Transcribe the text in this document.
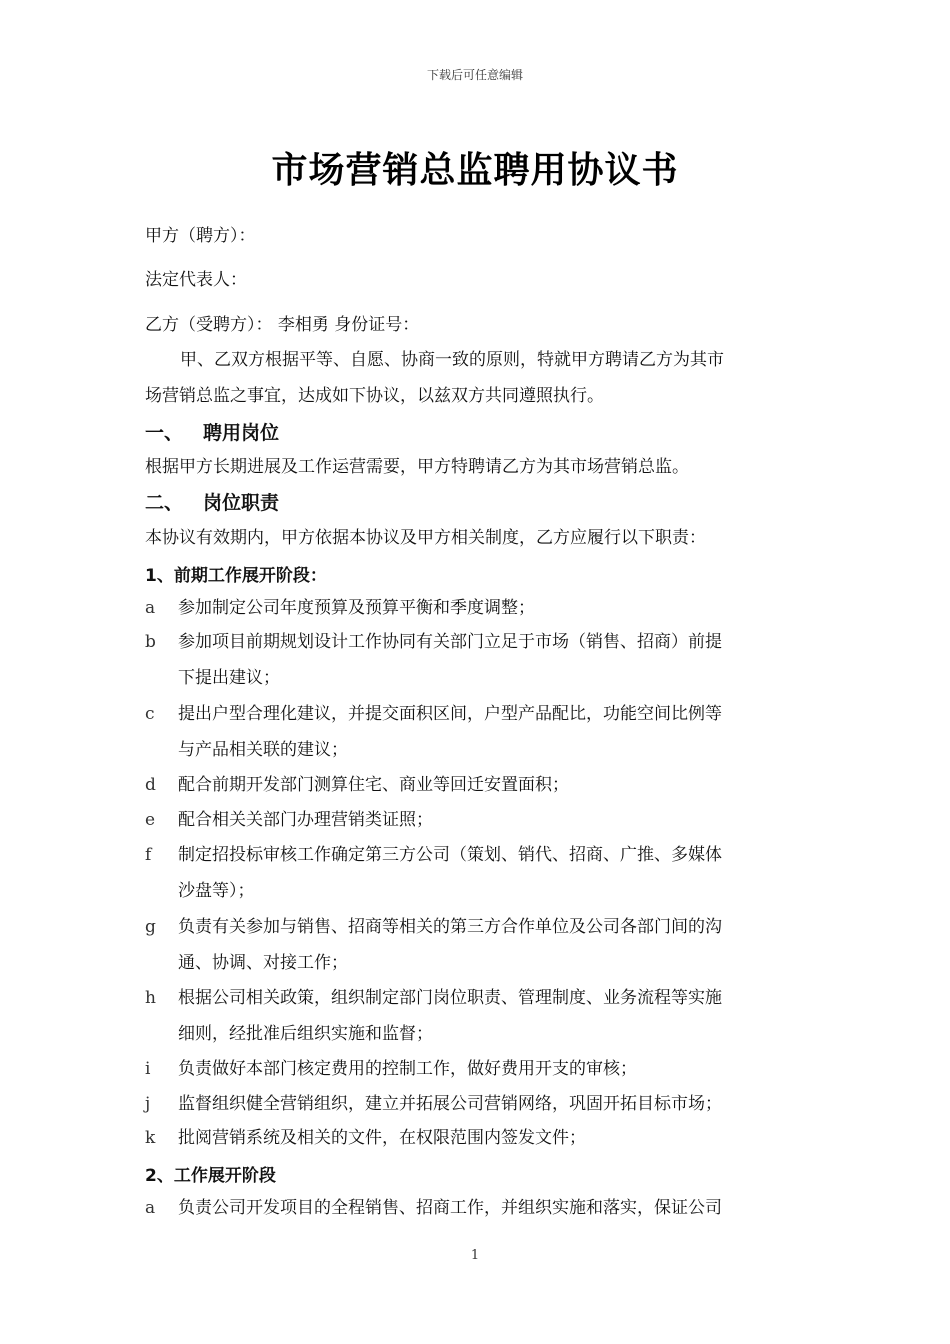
下载后可任意编辑
市场营销总监聘用协议书
甲方（聘方）：
法定代表人：
乙方（受聘方）： 李相勇 身份证号：
甲、乙双方根据平等、自愿、协商一致的原则，特就甲方聘请乙方为其市
场营销总监之事宜，达成如下协议，以兹双方共同遵照执行。
一、 聘用岗位
根据甲方长期进展及工作运营需要，甲方特聘请乙方为其市场营销总监。
二、 岗位职责
本协议有效期内，甲方依据本协议及甲方相关制度，乙方应履行以下职责：
1、前期工作展开阶段：
a	参加制定公司年度预算及预算平衡和季度调整；
b	参加项目前期规划设计工作协同有关部门立足于市场（销售、招商）前提
下提出建议；
c	提出户型合理化建议，并提交面积区间，户型产品配比，功能空间比例等
与产品相关联的建议；
d	配合前期开发部门测算住宅、商业等回迁安置面积；
e	配合相关关部门办理营销类证照；
f	制定招投标审核工作确定第三方公司（策划、销代、招商、广推、多媒体
沙盘等）；
g	负责有关参加与销售、招商等相关的第三方合作单位及公司各部门间的沟
通、协调、对接工作；
h	根据公司相关政策，组织制定部门岗位职责、管理制度、业务流程等实施
细则，经批准后组织实施和监督；
i	负责做好本部门核定费用的控制工作，做好费用开支的审核；
j	监督组织健全营销组织，建立并拓展公司营销网络，巩固开拓目标市场；
k	批阅营销系统及相关的文件，在权限范围内签发文件；
2、工作展开阶段
a	负责公司开发项目的全程销售、招商工作，并组织实施和落实，保证公司
1
